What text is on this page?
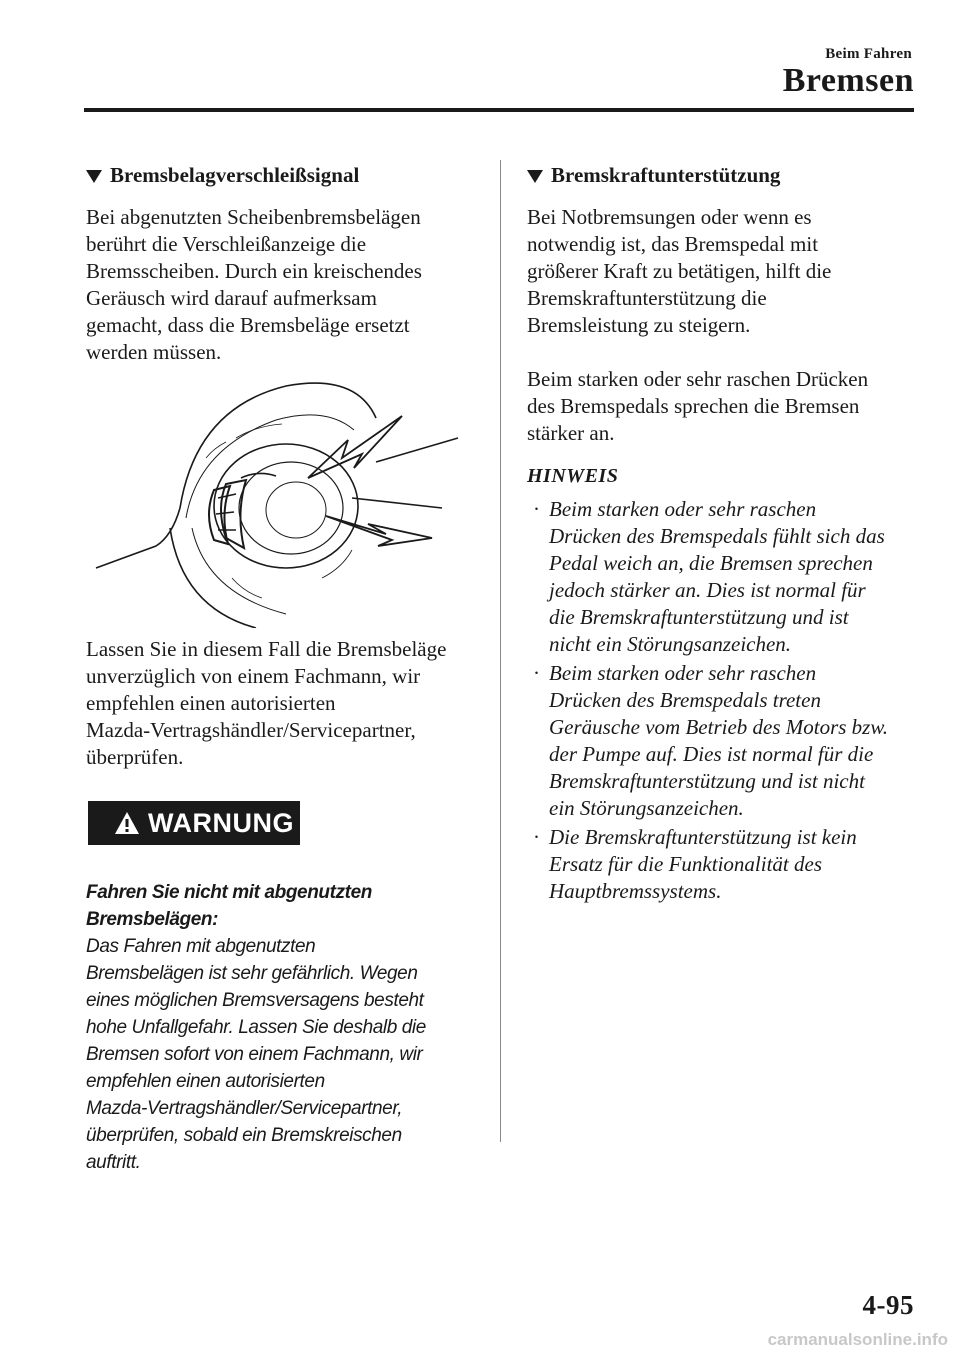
Beim Fahren
Bremsen
Bremsbelagverschleißsignal

Bei abgenutzten Scheibenbremsbelägen
berührt die Verschleißanzeige die
Bremsscheiben. Durch ein kreischendes
Geräusch wird darauf aufmerksam
gemacht, dass die Bremsbeläge ersetzt
werden müssen.

Lassen Sie in diesem Fall die Bremsbeläge
unverzüglich von einem Fachmann, wir
empfehlen einen autorisierten
Mazda-Vertragshändler/Servicepartner,
überprüfen.

WARNUNG
Fahren Sie nicht mit abgenutzten
Bremsbelägen:
Das Fahren mit abgenutzten
Bremsbelägen ist sehr gefährlich. Wegen
eines möglichen Bremsversagens besteht
hohe Unfallgefahr. Lassen Sie deshalb die
Bremsen sofort von einem Fachmann, wir
empfehlen einen autorisierten
Mazda-Vertragshändler/Servicepartner,
überprüfen, sobald ein Bremskreischen
auftritt.
Bremskraftunterstützung

Bei Notbremsungen oder wenn es
notwendig ist, das Bremspedal mit
größerer Kraft zu betätigen, hilft die
Bremskraftunterstützung die
Bremsleistung zu steigern.

Beim starken oder sehr raschen Drücken
des Bremspedals sprechen die Bremsen
stärker an.

HINWEIS
· Beim starken oder sehr raschen
Drücken des Bremspedals fühlt sich das
Pedal weich an, die Bremsen sprechen
jedoch stärker an. Dies ist normal für
die Bremskraftunterstützung und ist
nicht ein Störungsanzeichen.
· Beim starken oder sehr raschen
Drücken des Bremspedals treten
Geräusche vom Betrieb des Motors bzw.
der Pumpe auf. Dies ist normal für die
Bremskraftunterstützung und ist nicht
ein Störungsanzeichen.
· Die Bremskraftunterstützung ist kein
Ersatz für die Funktionalität des
Hauptbremssystems.
4-95
carmanualsonline.info
